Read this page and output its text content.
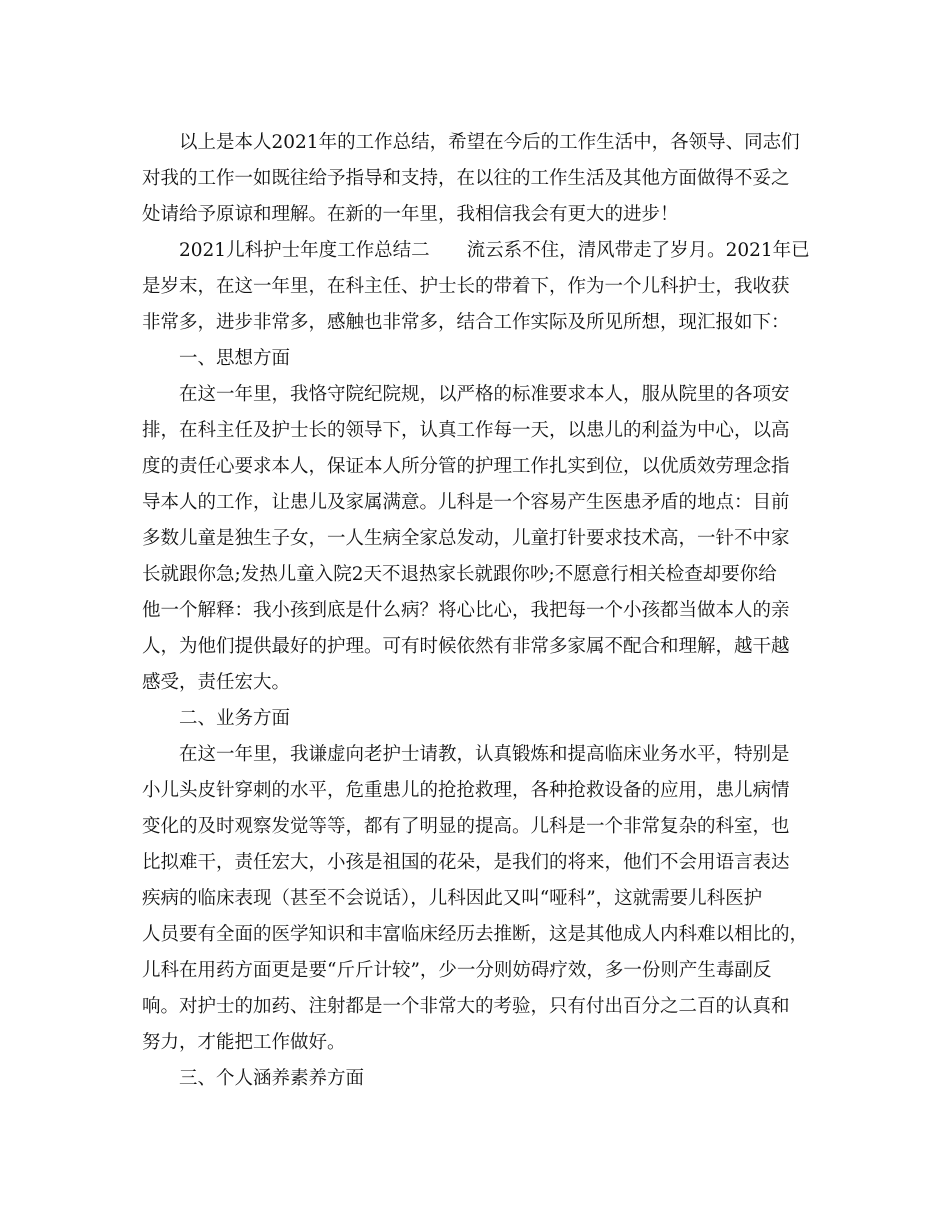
以上是本人2021年的工作总结，希望在今后的工作生活中，各领导、同志们
对我的工作一如既往给予指导和支持，在以往的工作生活及其他方面做得不妥之
处请给予原谅和理解。在新的一年里，我相信我会有更大的进步！
2021儿科护士年度工作总结二　　流云系不住，清风带走了岁月。2021年已
是岁末，在这一年里，在科主任、护士长的带着下，作为一个儿科护士，我收获
非常多，进步非常多，感触也非常多，结合工作实际及所见所想，现汇报如下：
一、思想方面
在这一年里，我恪守院纪院规，以严格的标准要求本人，服从院里的各项安
排，在科主任及护士长的领导下，认真工作每一天，以患儿的利益为中心，以高
度的责任心要求本人，保证本人所分管的护理工作扎实到位，以优质效劳理念指
导本人的工作，让患儿及家属满意。儿科是一个容易产生医患矛盾的地点：目前
多数儿童是独生子女，一人生病全家总发动，儿童打针要求技术高，一针不中家
长就跟你急;发热儿童入院2天不退热家长就跟你吵;不愿意行相关检查却要你给
他一个解释：我小孩到底是什么病？将心比心，我把每一个小孩都当做本人的亲
人，为他们提供最好的护理。可有时候依然有非常多家属不配合和理解，越干越
感受，责任宏大。
二、业务方面
在这一年里，我谦虚向老护士请教，认真锻炼和提高临床业务水平，特别是
小儿头皮针穿刺的水平，危重患儿的抢抢救理，各种抢救设备的应用，患儿病情
变化的及时观察发觉等等，都有了明显的提高。儿科是一个非常复杂的科室，也
比拟难干，责任宏大，小孩是祖国的花朵，是我们的将来，他们不会用语言表达
疾病的临床表现（甚至不会说话），儿科因此又叫“哑科”，这就需要儿科医护
人员要有全面的医学知识和丰富临床经历去推断，这是其他成人内科难以相比的，
儿科在用药方面更是要“斤斤计较”，少一分则妨碍疗效，多一份则产生毒副反
响。对护士的加药、注射都是一个非常大的考验，只有付出百分之二百的认真和
努力，才能把工作做好。
三、个人涵养素养方面
